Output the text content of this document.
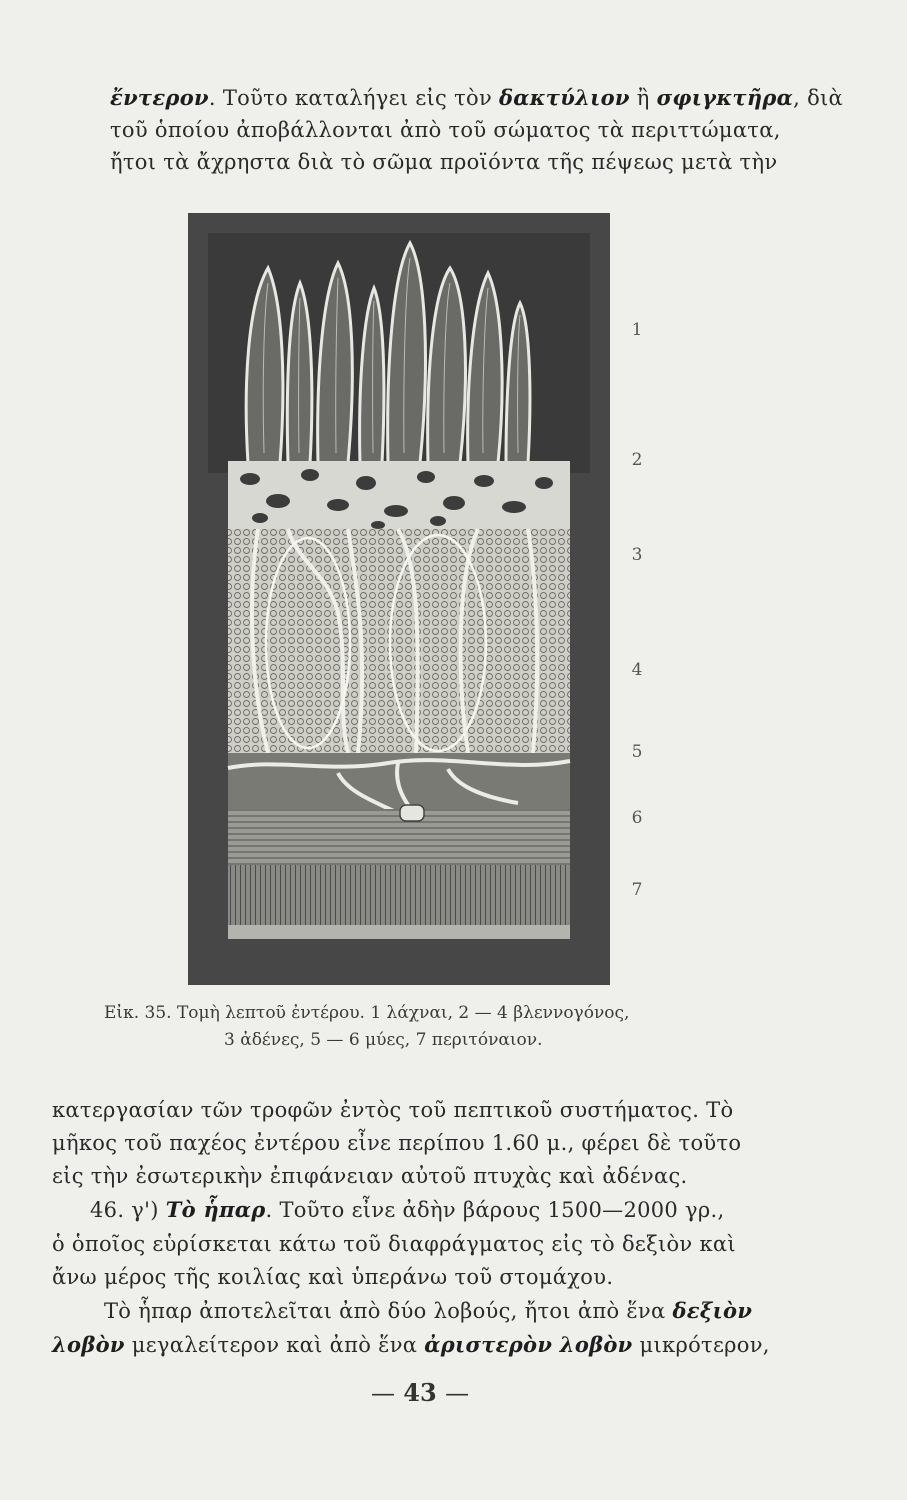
ἔντερον. Τοῦτο καταλήγει εἰς τὸν δακτύλιον ἢ σφιγκτῆρα, διὰ
τοῦ ὁποίου ἀποβάλλονται ἀπὸ τοῦ σώματος τὰ περιττώματα,
ἤτοι τὰ ἄχρηστα διὰ τὸ σῶμα προϊόντα τῆς πέψεως μετὰ τὴν
1
2
3
4
5
6
7
Εἰκ. 35. Τομὴ λεπτοῦ ἐντέρου. 1 λάχναι, 2 — 4 βλεννογόνος,
3 ἀδένες, 5 — 6 μύες, 7 περιτόναιον.
κατεργασίαν τῶν τροφῶν ἐντὸς τοῦ πεπτικοῦ συστήματος. Τὸ
μῆκος τοῦ παχέος ἐντέρου εἶνε περίπου 1.60 μ., φέρει δὲ τοῦτο
εἰς τὴν ἐσωτερικὴν ἐπιφάνειαν αὐτοῦ πτυχὰς καὶ ἀδένας.
46. γ') Τὸ ἧπαρ. Τοῦτο εἶνε ἀδὴν βάρους 1500—2000 γρ.,
ὁ ὁποῖος εὑρίσκεται κάτω τοῦ διαφράγματος εἰς τὸ δεξιὸν καὶ
ἄνω μέρος τῆς κοιλίας καὶ ὑπεράνω τοῦ στομάχου.
Τὸ ἧπαρ ἀποτελεῖται ἀπὸ δύο λοβούς, ἤτοι ἀπὸ ἕνα δεξιὸν
λοβὸν μεγαλείτερον καὶ ἀπὸ ἕνα ἀριστερὸν λοβὸν μικρότερον,
— 43 —
